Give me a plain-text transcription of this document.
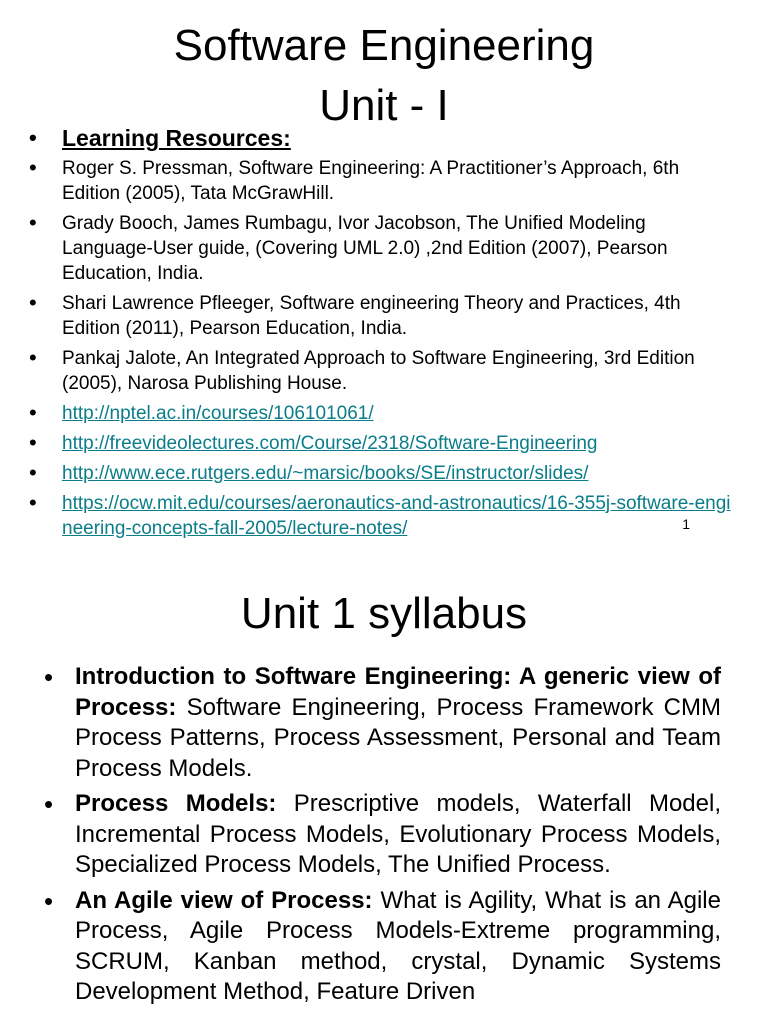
Software Engineering
Unit - I
• Learning Resources:
• Roger S. Pressman, Software Engineering: A Practitioner’s Approach, 6th Edition (2005), Tata McGrawHill.
• Grady Booch, James Rumbagu, Ivor Jacobson, The Unified Modeling Language-User guide, (Covering UML 2.0) ,2nd Edition (2007), Pearson Education, India.
• Shari Lawrence Pfleeger, Software engineering Theory and Practices, 4th Edition (2011), Pearson Education, India.
• Pankaj Jalote, An Integrated Approach to Software Engineering, 3rd Edition (2005), Narosa Publishing House.
• http://nptel.ac.in/courses/106101061/
• http://freevideolectures.com/Course/2318/Software-Engineering
• http://www.ece.rutgers.edu/~marsic/books/SE/instructor/slides/
• https://ocw.mit.edu/courses/aeronautics-and-astronautics/16-355j-software-engineering-concepts-fall-2005/lecture-notes/	1
Unit 1 syllabus
• Introduction to Software Engineering: A generic view of Process: Software Engineering, Process Framework CMM Process Patterns, Process Assessment, Personal and Team Process Models.
• Process Models: Prescriptive models, Waterfall Model, Incremental Process Models, Evolutionary Process Models, Specialized Process Models, The Unified Process.
• An Agile view of Process: What is Agility, What is an Agile Process, Agile Process Models-Extreme programming, SCRUM, Kanban method, crystal, Dynamic Systems Development Method, Feature Driven
